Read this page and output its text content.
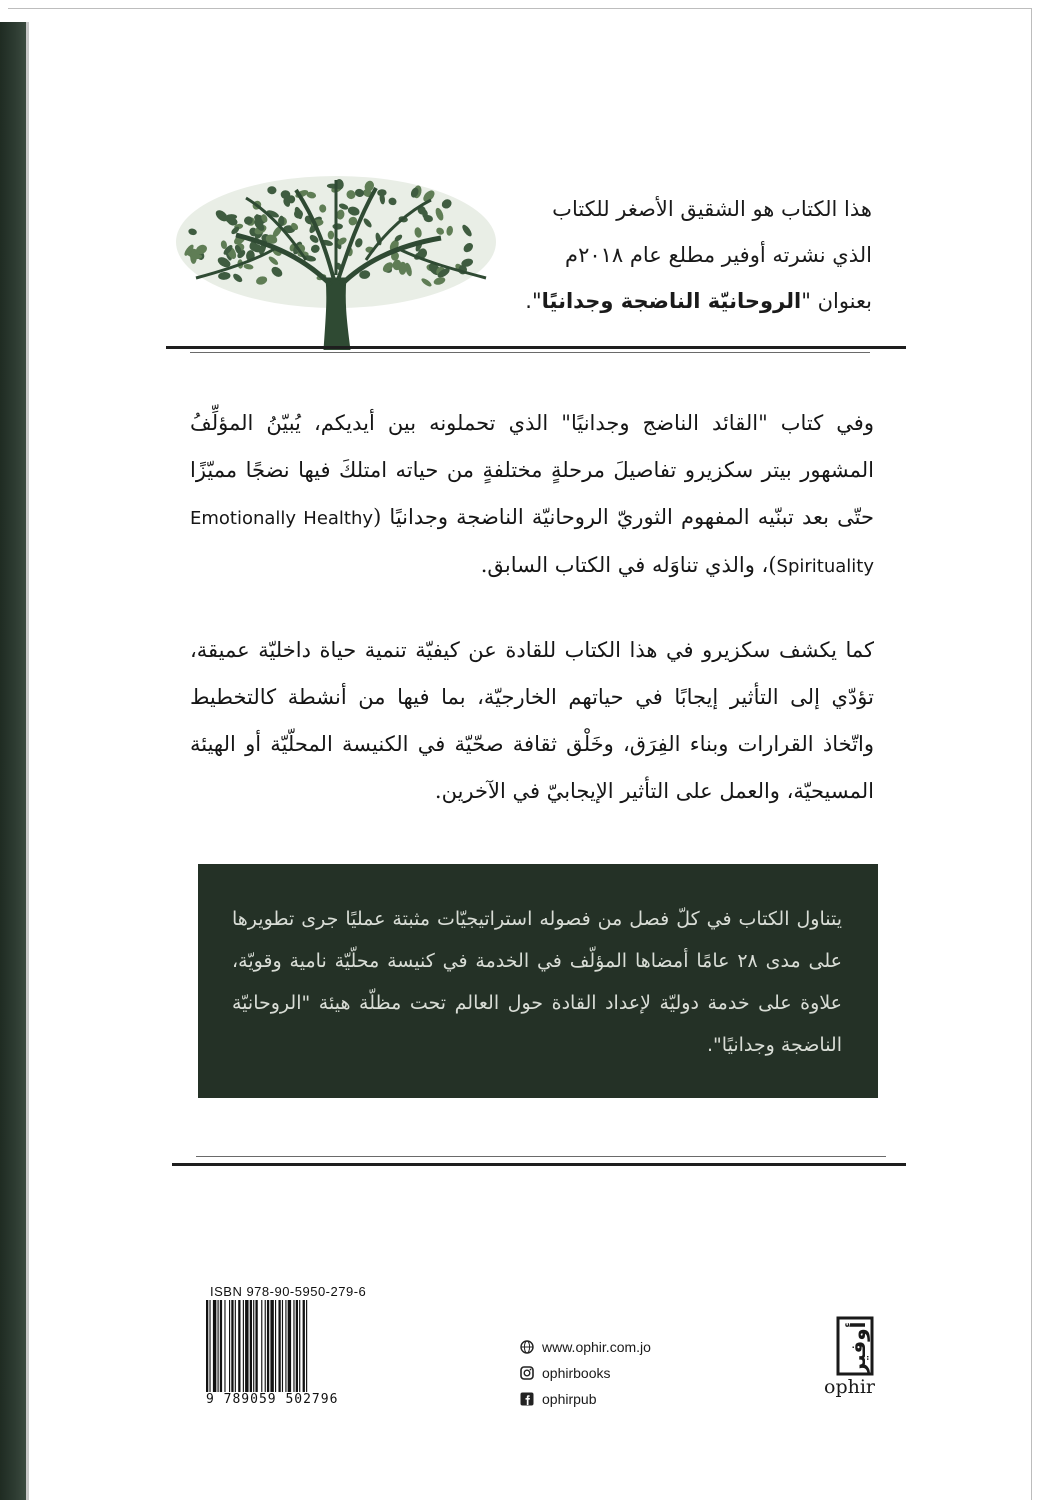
هذا الكتاب هو الشقيق الأصغر للكتاب
الذي نشرته أوفير مطلع عام ٢٠١٨م
بعنوان "الروحانيّة الناضجة وجدانيًا".
وفي كتاب "القائد الناضج وجدانيًا" الذي تحملونه بين أيديكم، يُبيّنُ المؤلِّفُ المشهور بيتر سكزيرو تفاصيلَ مرحلةٍ مختلفةٍ من حياته امتلكَ فيها نضجًا مميّزًا حتّى بعد تبنّيه المفهوم الثوريّ الروحانيّة الناضجة وجدانيًا (Emotionally Healthy Spirituality)، والذي تناوَله في الكتاب السابق.
كما يكشف سكزيرو في هذا الكتاب للقادة عن كيفيّة تنمية حياة داخليّة عميقة، تؤدّي إلى التأثير إيجابًا في حياتهم الخارجيّة، بما فيها من أنشطة كالتخطيط واتّخاذ القرارات وبناء الفِرَق، وخَلْق ثقافة صحّيّة في الكنيسة المحلّيّة أو الهيئة المسيحيّة، والعمل على التأثير الإيجابيّ في الآخرين.
يتناول الكتاب في كلّ فصل من فصوله استراتيجيّات مثبتة عمليًا جرى تطويرها على مدى ٢٨ عامًا أمضاها المؤلّف في الخدمة في كنيسة محلّيّة نامية وقويّة، علاوة على خدمة دوليّة لإعداد القادة حول العالم تحت مظلّة هيئة "الروحانيّة الناضجة وجدانيًا".
ISBN 978-90-5950-279-6
9 789059 502796
www.ophir.com.jo
ophirbooks
ophirpub
أوفير
ophir
